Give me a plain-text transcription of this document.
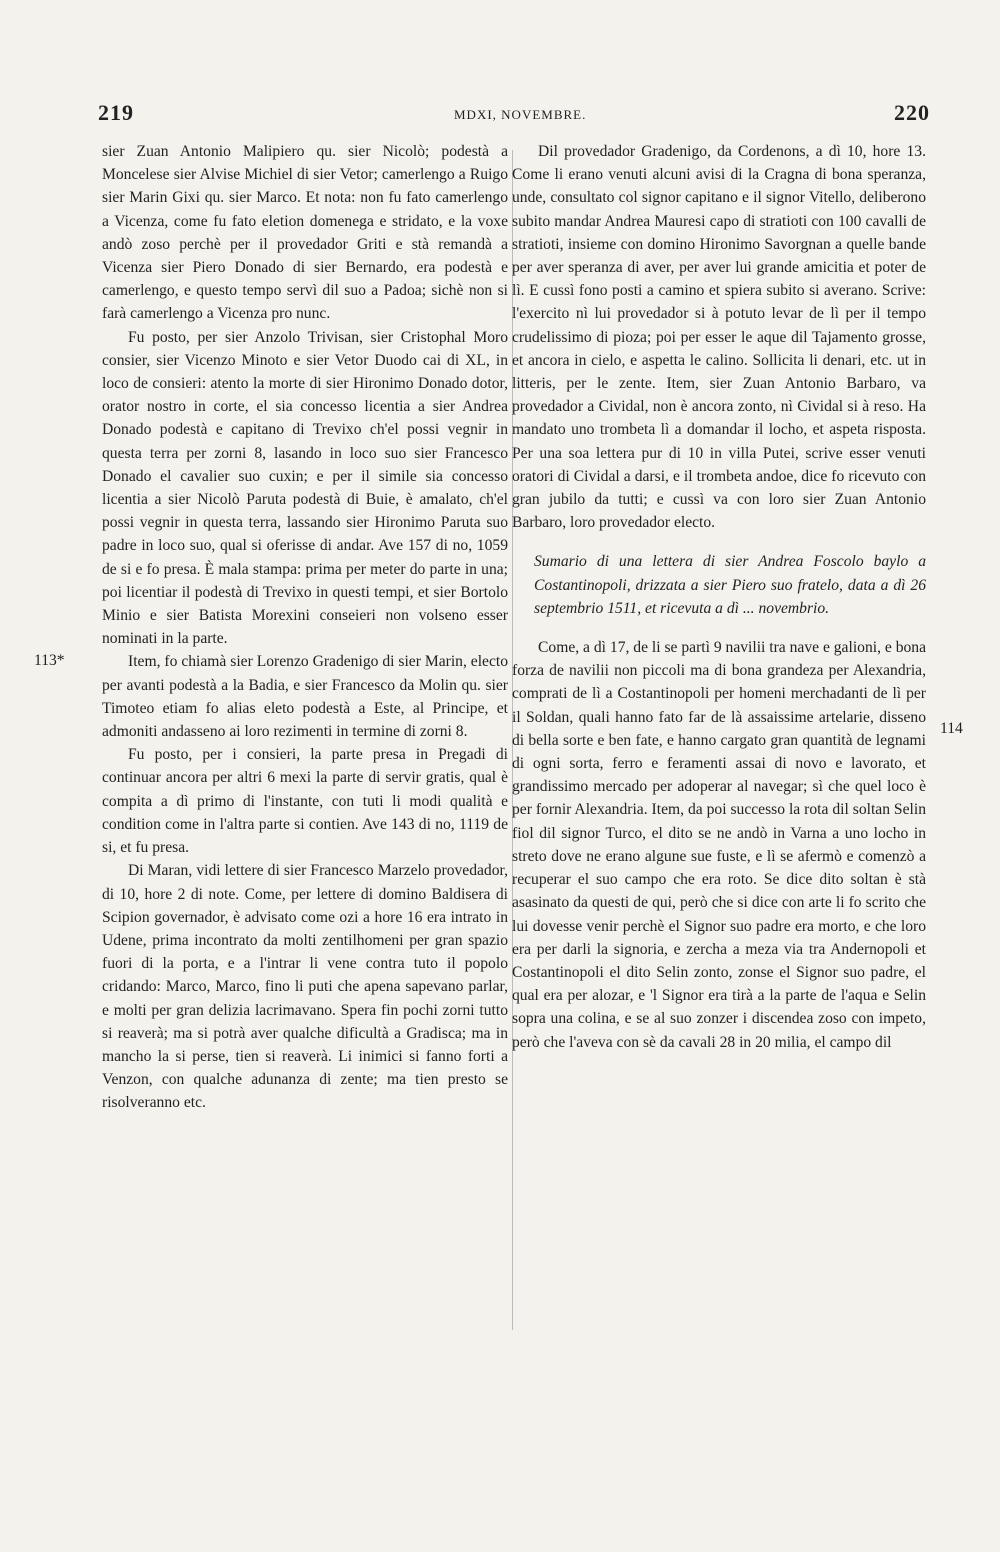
219	MDXI, NOVEMBRE.	220
113*
114

sier Zuan Antonio Malipiero qu. sier Nicolò; podestà a Moncelese sier Alvise Michiel di sier Vetor; camerlengo a Ruigo sier Marin Gixi qu. sier Marco. Et nota: non fu fato camerlengo a Vicenza, come fu fato eletion domenega e stridato, e la voxe andò zoso perchè per il provedador Griti e stà remandà a Vicenza sier Piero Donado di sier Bernardo, era podestà e camerlengo, e questo tempo servì dil suo a Padoa; sichè non si farà camerlengo a Vicenza pro nunc.

Fu posto, per sier Anzolo Trivisan, sier Cristophal Moro consier, sier Vicenzo Minoto e sier Vetor Duodo cai di XL, in loco de consieri: atento la morte di sier Hironimo Donado dotor, orator nostro in corte, el sia concesso licentia a sier Andrea Donado podestà e capitano di Trevixo ch'el possi vegnir in questa terra per zorni 8, lasando in loco suo sier Francesco Donado el cavalier suo cuxin; e per il simile sia concesso licentia a sier Nicolò Paruta podestà di Buie, è amalato, ch'el possi vegnir in questa terra, lassando sier Hironimo Paruta suo padre in loco suo, qual si oferisse di andar. Ave 157 di no, 1059 de si e fo presa. È mala stampa: prima per meter do parte in una; poi licentiar il podestà di Trevixo in questi tempi, et sier Bortolo Minio e sier Batista Morexini conseieri non volseno esser nominati in la parte.

Item, fo chiamà sier Lorenzo Gradenigo di sier Marin, electo per avanti podestà a la Badia, e sier Francesco da Molin qu. sier Timoteo etiam fo alias eleto podestà a Este, al Principe, et admoniti andasseno ai loro rezimenti in termine di zorni 8.

Fu posto, per i consieri, la parte presa in Pregadi di continuar ancora per altri 6 mexi la parte di servir gratis, qual è compita a dì primo di l'instante, con tuti li modi qualità e condition come in l'altra parte si contien. Ave 143 di no, 1119 de si, et fu presa.

Di Maran, vidi lettere di sier Francesco Marzelo provedador, di 10, hore 2 di note. Come, per lettere di domino Baldisera di Scipion governador, è advisato come ozi a hore 16 era intrato in Udene, prima incontrato da molti zentilhomeni per gran spazio fuori di la porta, e a l'intrar li vene contra tuto il popolo cridando: Marco, Marco, fino li puti che apena sapevano parlar, e molti per gran delizia lacrimavano. Spera fin pochi zorni tutto si reaverà; ma si potrà aver qualche dificultà a Gradisca; ma in mancho la si perse, tien si reaverà. Li inimici si fanno forti a Venzon, con qualche adunanza di zente; ma tien presto se risolveranno etc.

Dil provedador Gradenigo, da Cordenons, a dì 10, hore 13. Come li erano venuti alcuni avisi di la Cragna di bona speranza, unde, consultato col signor capitano e il signor Vitello, deliberono subito mandar Andrea Mauresi capo di stratioti con 100 cavalli de stratioti, insieme con domino Hironimo Savorgnan a quelle bande per aver speranza di aver, per aver lui grande amicitia et poter de lì. E cussì fono posti a camino et spiera subito si averano. Scrive: l'exercito nì lui provedador si à potuto levar de lì per il tempo crudelissimo di pioza; poi per esser le aque dil Tajamento grosse, et ancora in cielo, e aspetta le calino. Sollicita li denari, etc. ut in litteris, per le zente. Item, sier Zuan Antonio Barbaro, va provedador a Cividal, non è ancora zonto, nì Cividal si à reso. Ha mandato uno trombeta lì a domandar il locho, et aspeta risposta. Per una soa lettera pur di 10 in villa Putei, scrive esser venuti oratori di Cividal a darsi, e il trombeta andoe, dice fo ricevuto con gran jubilo da tutti; e cussì va con loro sier Zuan Antonio Barbaro, loro provedador electo.

Sumario di una lettera di sier Andrea Foscolo baylo a Costantinopoli, drizzata a sier Piero suo fratelo, data a dì 26 septembrio 1511, et ricevuta a dì ... novembrio.

Come, a dì 17, de li se partì 9 navilii tra nave e galioni, e bona forza de navilii non piccoli ma di bona grandeza per Alexandria, comprati de lì a Costantinopoli per homeni merchadanti de lì per il Soldan, quali hanno fato far de là assaissime artelarie, disseno di bella sorte e ben fate, e hanno cargato gran quantità de legnami di ogni sorta, ferro e feramenti assai di novo e lavorato, et grandissimo mercado per adoperar al navegar; sì che quel loco è per fornir Alexandria. Item, da poi successo la rota dil soltan Selin fiol dil signor Turco, el dito se ne andò in Varna a uno locho in streto dove ne erano algune sue fuste, e lì se afermò e comenzò a recuperar el suo campo che era roto. Se dice dito soltan è stà asasinato da questi de qui, però che si dice con arte li fo scrito che lui dovesse venir perchè el Signor suo padre era morto, e che loro era per darli la signoria, e zercha a meza via tra Andernopoli et Costantinopoli el dito Selin zonto, zonse el Signor suo padre, el qual era per alozar, e 'l Signor era tirà a la parte de l'aqua e Selin sopra una colina, e se al suo zonzer i discendea zoso con impeto, però che l'aveva con sè da cavali 28 in 20 milia, el campo dil
